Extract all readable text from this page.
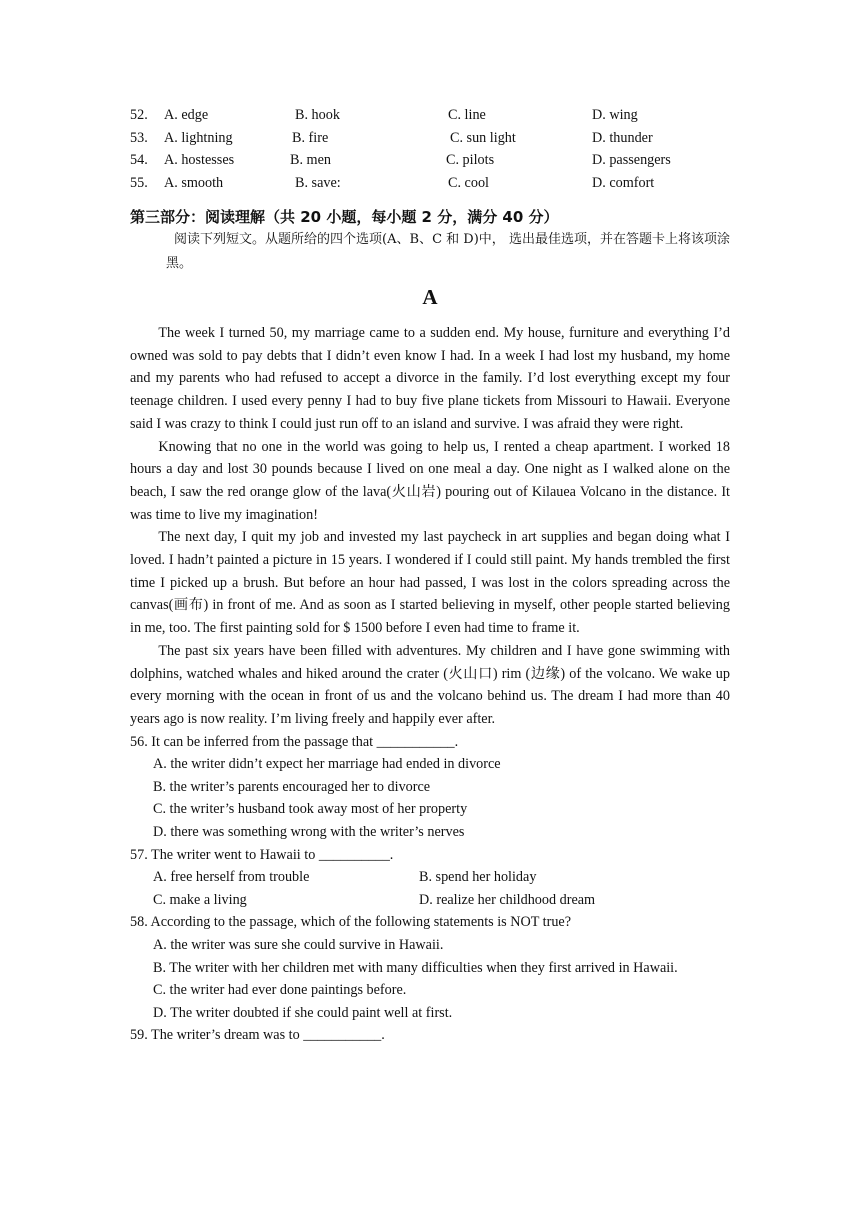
52. A. edge	B. hook	C. line	D. wing
53. A. lightning	B. fire	C. sun light	D. thunder
54. A. hostesses	B. men	C. pilots	D. passengers
55. A. smooth	B. save:	C. cool	D. comfort
第三部分：阅读理解（共 20 小题，每小题 2 分，满分 40 分）
阅读下列短文。从题所给的四个选项(A、B、C 和 D)中， 选出最佳选项，并在答题卡上将该项涂黑。
A

The week I turned 50, my marriage came to a sudden end. My house, furniture and everything I’d owned was sold to pay debts that I didn’t even know I had. In a week I had lost my husband, my home and my parents who had refused to accept a divorce in the family. I’d lost everything except my four teenage children. I used every penny I had to buy five plane tickets from Missouri to Hawaii. Everyone said I was crazy to think I could just run off to an island and survive. I was afraid they were right.

Knowing that no one in the world was going to help us, I rented a cheap apartment. I worked 18 hours a day and lost 30 pounds because I lived on one meal a day. One night as I walked alone on the beach, I saw the red orange glow of the lava(火山岩) pouring out of Kilauea Volcano in the distance. It was time to live my imagination!

The next day, I quit my job and invested my last paycheck in art supplies and began doing what I loved. I hadn’t painted a picture in 15 years. I wondered if I could still paint. My hands trembled the first time I picked up a brush. But before an hour had passed, I was lost in the colors spreading across the canvas(画布) in front of me. And as soon as I started believing in myself, other people started believing in me, too. The first painting sold for $ 1500 before I even had time to frame it.

The past six years have been filled with adventures. My children and I have gone swimming with dolphins, watched whales and hiked around the crater (火山口) rim (边缘) of the volcano. We wake up every morning with the ocean in front of us and the volcano behind us. The dream I had more than 40 years ago is now reality. I’m living freely and happily ever after.

56. It can be inferred from the passage that ___________.

A. the writer didn’t expect her marriage had ended in divorce

B. the writer’s parents encouraged her to divorce

C. the writer’s husband took away most of her property

D. there was something wrong with the writer’s nerves

57. The writer went to Hawaii to __________.

A. free herself from trouble	B. spend her holiday
C. make a living	D. realize her childhood dream

58. According to the passage, which of the following statements is NOT true?

A. the writer was sure she could survive in Hawaii.

B. The writer with her children met with many difficulties when they first arrived in Hawaii.

C. the writer had ever done paintings before.

D. The writer doubted if she could paint well at first.

59. The writer’s dream was to ___________.
